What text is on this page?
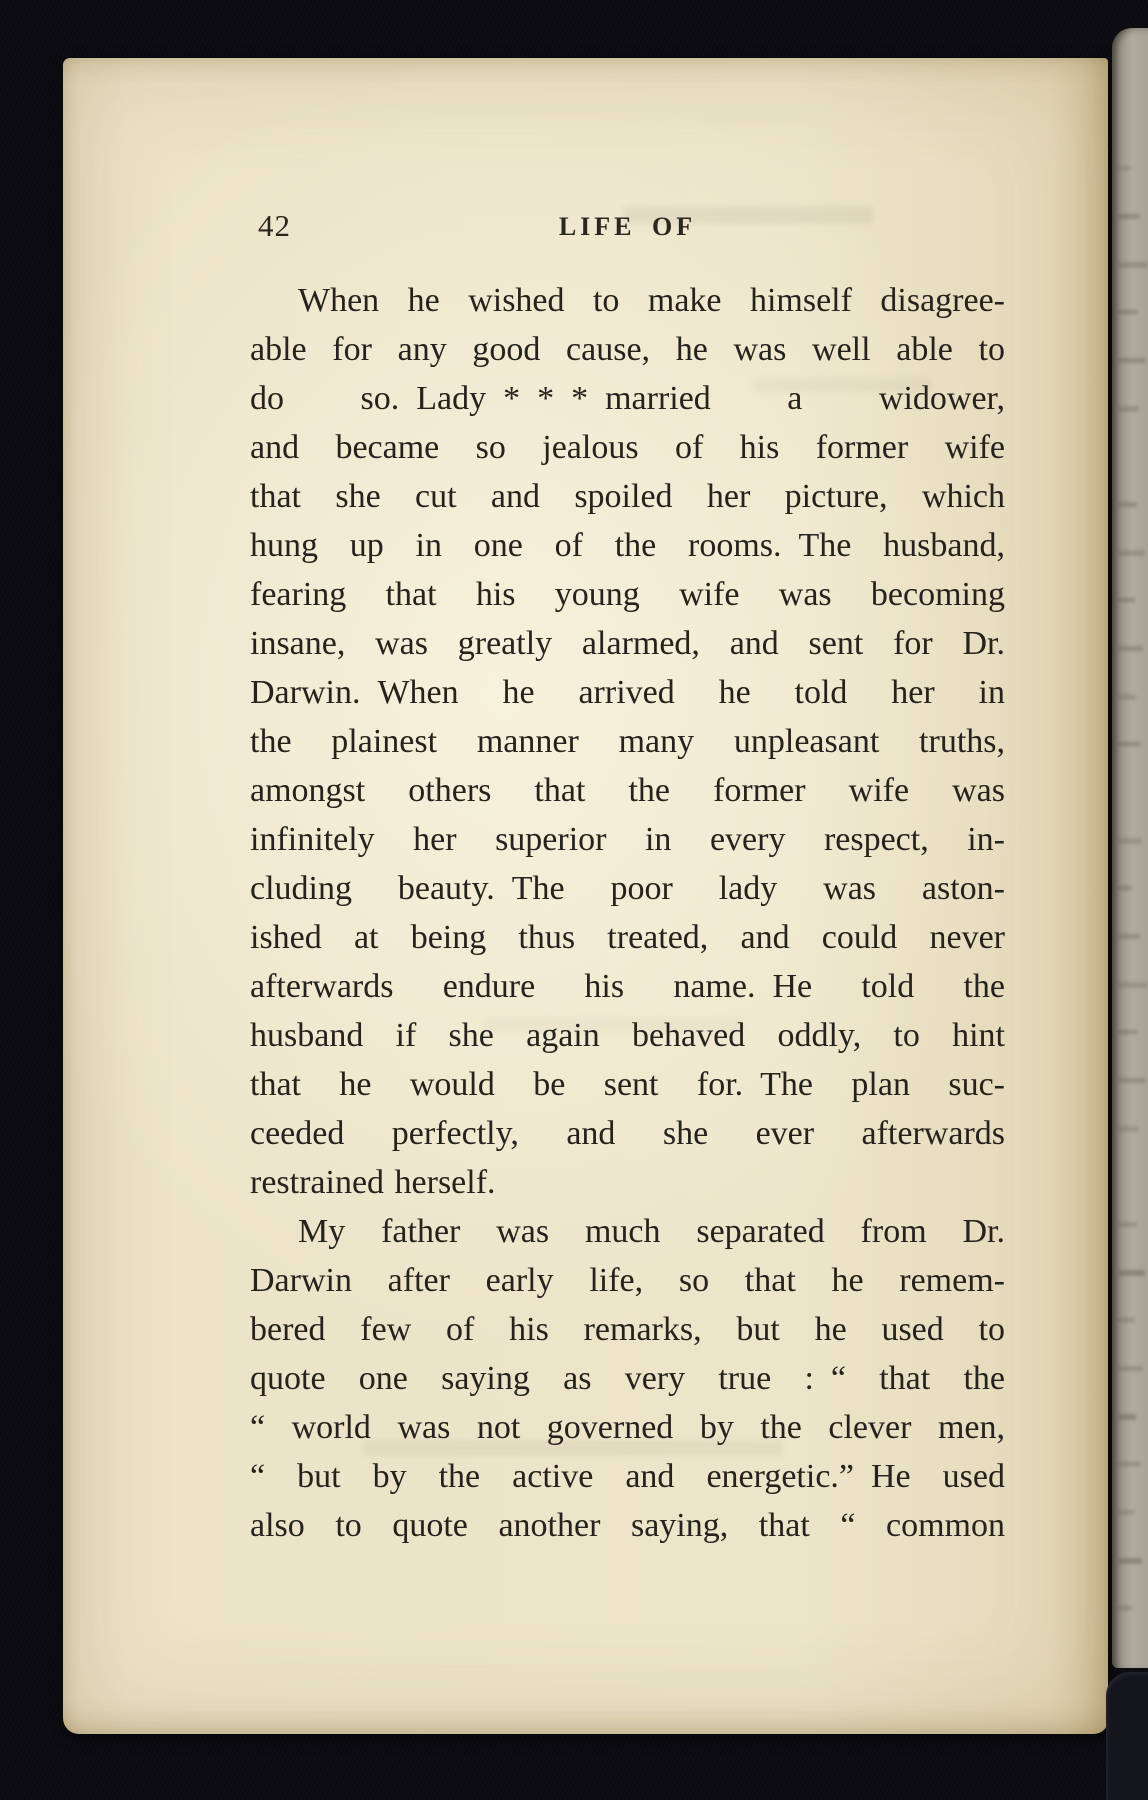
42	LIFE OF
When he wished to make himself disagree-
able for any good cause, he was well able to
do so. Lady * * * married a widower,
and became so jealous of his former wife
that she cut and spoiled her picture, which
hung up in one of the rooms. The husband,
fearing that his young wife was becoming
insane, was greatly alarmed, and sent for Dr.
Darwin. When he arrived he told her in
the plainest manner many unpleasant truths,
amongst others that the former wife was
infinitely her superior in every respect, in-
cluding beauty. The poor lady was aston-
ished at being thus treated, and could never
afterwards endure his name. He told the
husband if she again behaved oddly, to hint
that he would be sent for. The plan suc-
ceeded perfectly, and she ever afterwards
restrained herself.
My father was much separated from Dr.
Darwin after early life, so that he remem-
bered few of his remarks, but he used to
quote one saying as very true : “ that the
“ world was not governed by the clever men,
“ but by the active and energetic.” He used
also to quote another saying, that “ common
